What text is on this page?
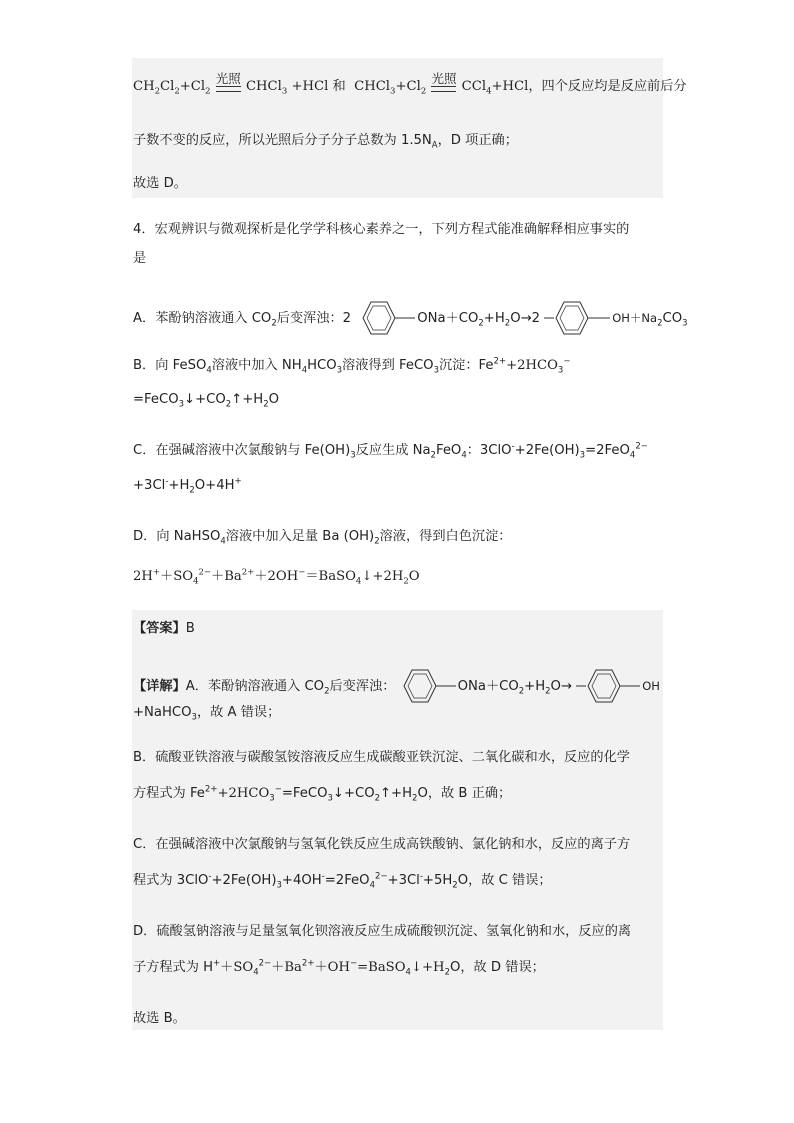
$CH_2Cl_2+Cl_2$
光照
CHCl$_3$ +HCl 和 $CHCl_3+Cl_2$
光照
CCl$_4$+HCl，四个反应均是反应前后分
子数不变的反应，所以光照后分子分子总数为 $1.5N_A$，D 项正确；
故选 D。
4．宏观辨识与微观探析是化学学科核心素养之一，下列方程式能准确解释相应事实的
是
A．苯酚钠溶液通入 $CO_2$后变浑浊：2	$ONa+CO_2+H_2O\to 2$	$OH+Na_2CO_3$
B．向 FeSO$_4$溶液中加入 $NH_4HCO_3$溶液得到 FeCO$_3$沉淀：$Fe^{2+}+2HCO_3^-$
$=FeCO_3↓+CO_2↑+H_2O$
C．在强碱溶液中次氯酸钠与 $Fe(OH)_3$反应生成 $Na_2FeO_4$：$3ClO^-+2Fe(OH)_3=2FeO_4^{2-}$
$+3Cl^-+H_2O+4H^+$
D．向 NaHSO$_4$溶液中加入足量 Ba $(OH)_2$溶液，得到白色沉淀：
$2H^++SO_4^{2-}+Ba^{2+}+2OH^-=BaSO_4↓+2H_2O$
【答案】B
【详解】A．苯酚钠溶液通入 $CO_2$后变浑浊：	$ONa+CO_2+H_2O\to$	OH
+NaHCO$_3$，故 A 错误；
B．硫酸亚铁溶液与碳酸氢铵溶液反应生成碳酸亚铁沉淀、二氧化碳和水，反应的化学
方程式为 $Fe^{2+}+2HCO_3^-=FeCO_3↓+CO_2↑+H_2O$，故 B 正确；
C．在强碱溶液中次氯酸钠与氢氧化铁反应生成高铁酸钠、氯化钠和水，反应的离子方
程式为 $3ClO^-+2Fe(OH)_3+4OH^-=2FeO_4^{2-}+3Cl^-+5H_2O$，故 C 错误；
D．硫酸氢钠溶液与足量氢氧化钡溶液反应生成硫酸钡沉淀、氢氧化钠和水，反应的离
子方程式为 $H^++SO_4^{2-}+Ba^{2+}+OH^-=BaSO_4↓+H_2O$，故 D 错误；
故选 B。
